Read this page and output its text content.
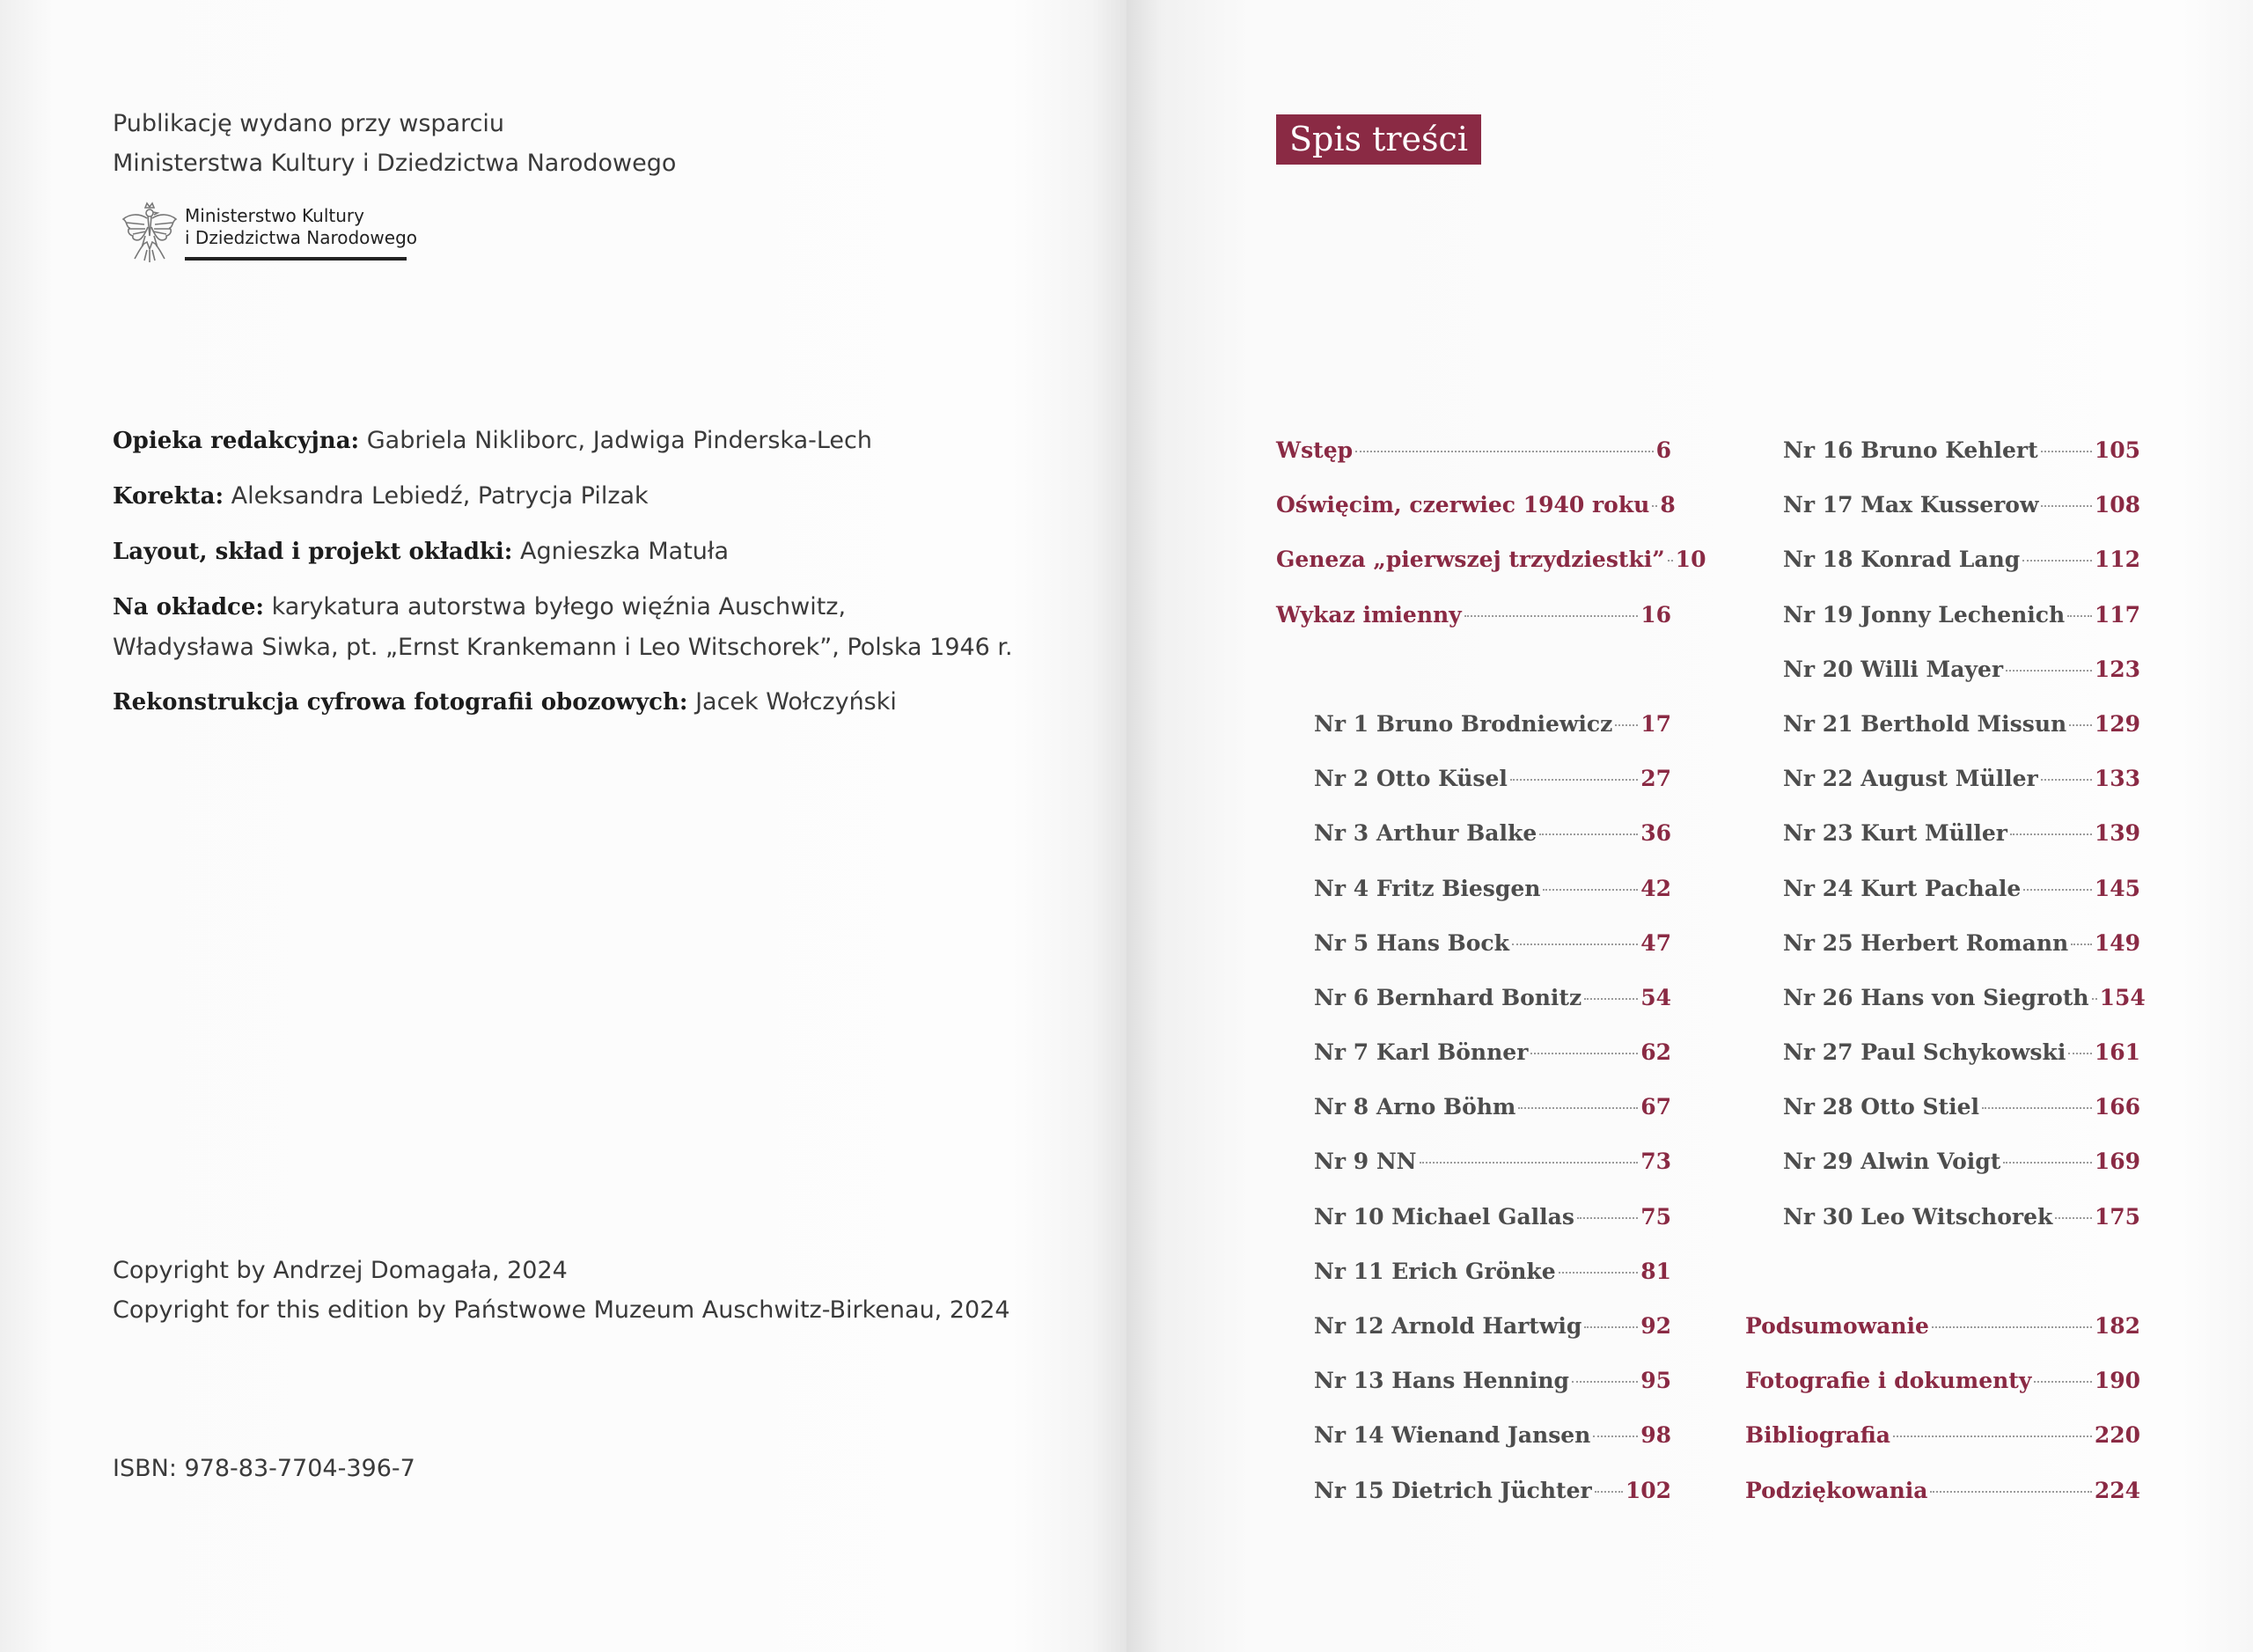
Publikację wydano przy wsparciu
Ministerstwa Kultury i Dziedzictwa Narodowego
Ministerstwo Kultury
i Dziedzictwa Narodowego
Opieka redakcyjna: Gabriela Nikliborc, Jadwiga Pinderska-Lech
Korekta: Aleksandra Lebiedź, Patrycja Pilzak
Layout, skład i projekt okładki: Agnieszka Matuła
Na okładce: karykatura autorstwa byłego więźnia Auschwitz,
Władysława Siwka, pt. „Ernst Krankemann i Leo Witschorek”, Polska 1946 r.
Rekonstrukcja cyfrowa fotografii obozowych: Jacek Wołczyński
Copyright by Andrzej Domagała, 2024
Copyright for this edition by Państwowe Muzeum Auschwitz-Birkenau, 2024
ISBN: 978-83-7704-396-7
Spis treści
Wstęp	6
Oświęcim, czerwiec 1940 roku 8
Geneza „pierwszej trzydziestki” 10
Wykaz imienny	16
Nr 1 Bruno Brodniewicz 17
Nr 2 Otto Küsel	27
Nr 3 Arthur Balke	36
Nr 4 Fritz Biesgen	42
Nr 5 Hans Bock	47
Nr 6 Bernhard Bonitz	54
Nr 7 Karl Bönner	62
Nr 8 Arno Böhm	67
Nr 9 NN	73
Nr 10 Michael Gallas	75
Nr 11 Erich Grönke	81
Nr 12 Arnold Hartwig	92
Nr 13 Hans Henning	95
Nr 14 Wienand Jansen 98
Nr 15 Dietrich Jüchter 102
Nr 16 Bruno Kehlert	105
Nr 17 Max Kusserow	108
Nr 18 Konrad Lang	112
Nr 19 Jonny Lechenich 117
Nr 20 Willi Mayer	123
Nr 21 Berthold Missun 129
Nr 22 August Müller	133
Nr 23 Kurt Müller	139
Nr 24 Kurt Pachale	145
Nr 25 Herbert Romann 149
Nr 26 Hans von Siegroth 154
Nr 27 Paul Schykowski 161
Nr 28 Otto Stiel	166
Nr 29 Alwin Voigt	169
Nr 30 Leo Witschorek 175
Podsumowanie	182
Fotografie i dokumenty	190
Bibliografia	220
Podziękowania	224
